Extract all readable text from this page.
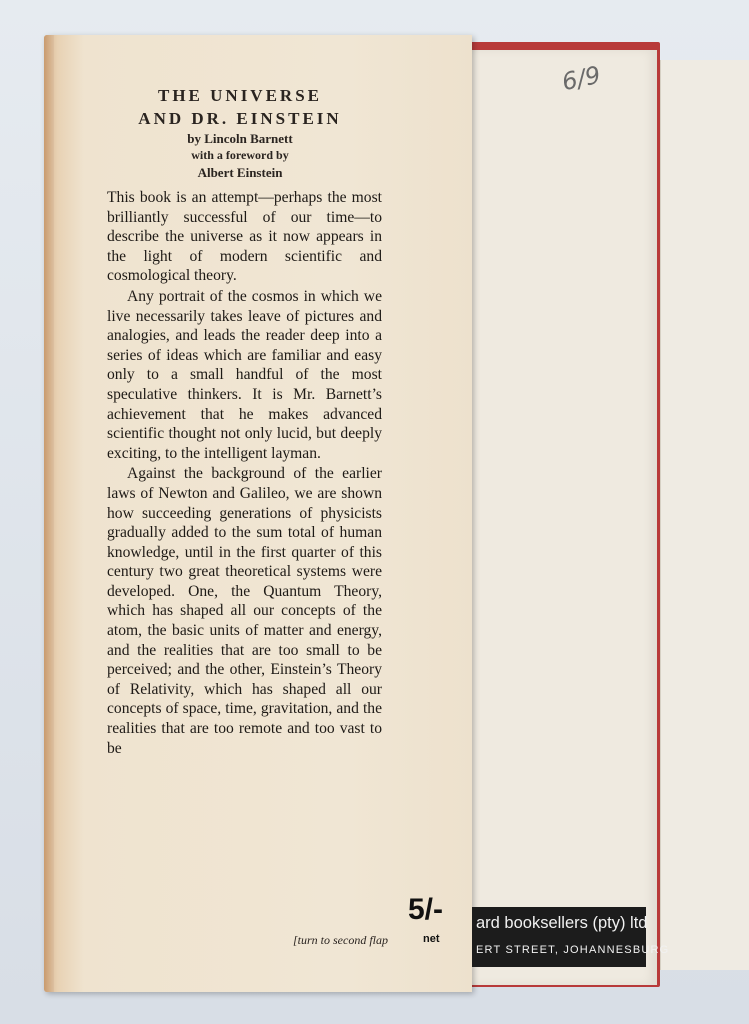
6/9
THE UNIVERSE
AND DR. EINSTEIN
by Lincoln Barnett
with a foreword by
Albert Einstein

This book is an attempt—perhaps the most brilliantly successful of our time—to describe the universe as it now appears in the light of modern scientific and cosmological theory.

Any portrait of the cosmos in which we live necessarily takes leave of pictures and analogies, and leads the reader deep into a series of ideas which are familiar and easy only to a small handful of the most speculative thinkers. It is Mr. Barnett’s achievement that he makes advanced scientific thought not only lucid, but deeply exciting, to the intelligent layman.

Against the background of the earlier laws of Newton and Galileo, we are shown how succeeding generations of physicists gradually added to the sum total of human knowledge, until in the first quarter of this century two great theoretical systems were developed. One, the Quantum Theory, which has shaped all our concepts of the atom, the basic units of matter and energy, and the realities that are too small to be perceived; and the other, Einstein’s Theory of Relativity, which has shaped all our concepts of space, time, gravitation, and the realities that are too remote and too vast to be

[turn to second flap
5/-
net
ard booksellers (pty) ltd
ERT STREET, JOHANNESBURG
